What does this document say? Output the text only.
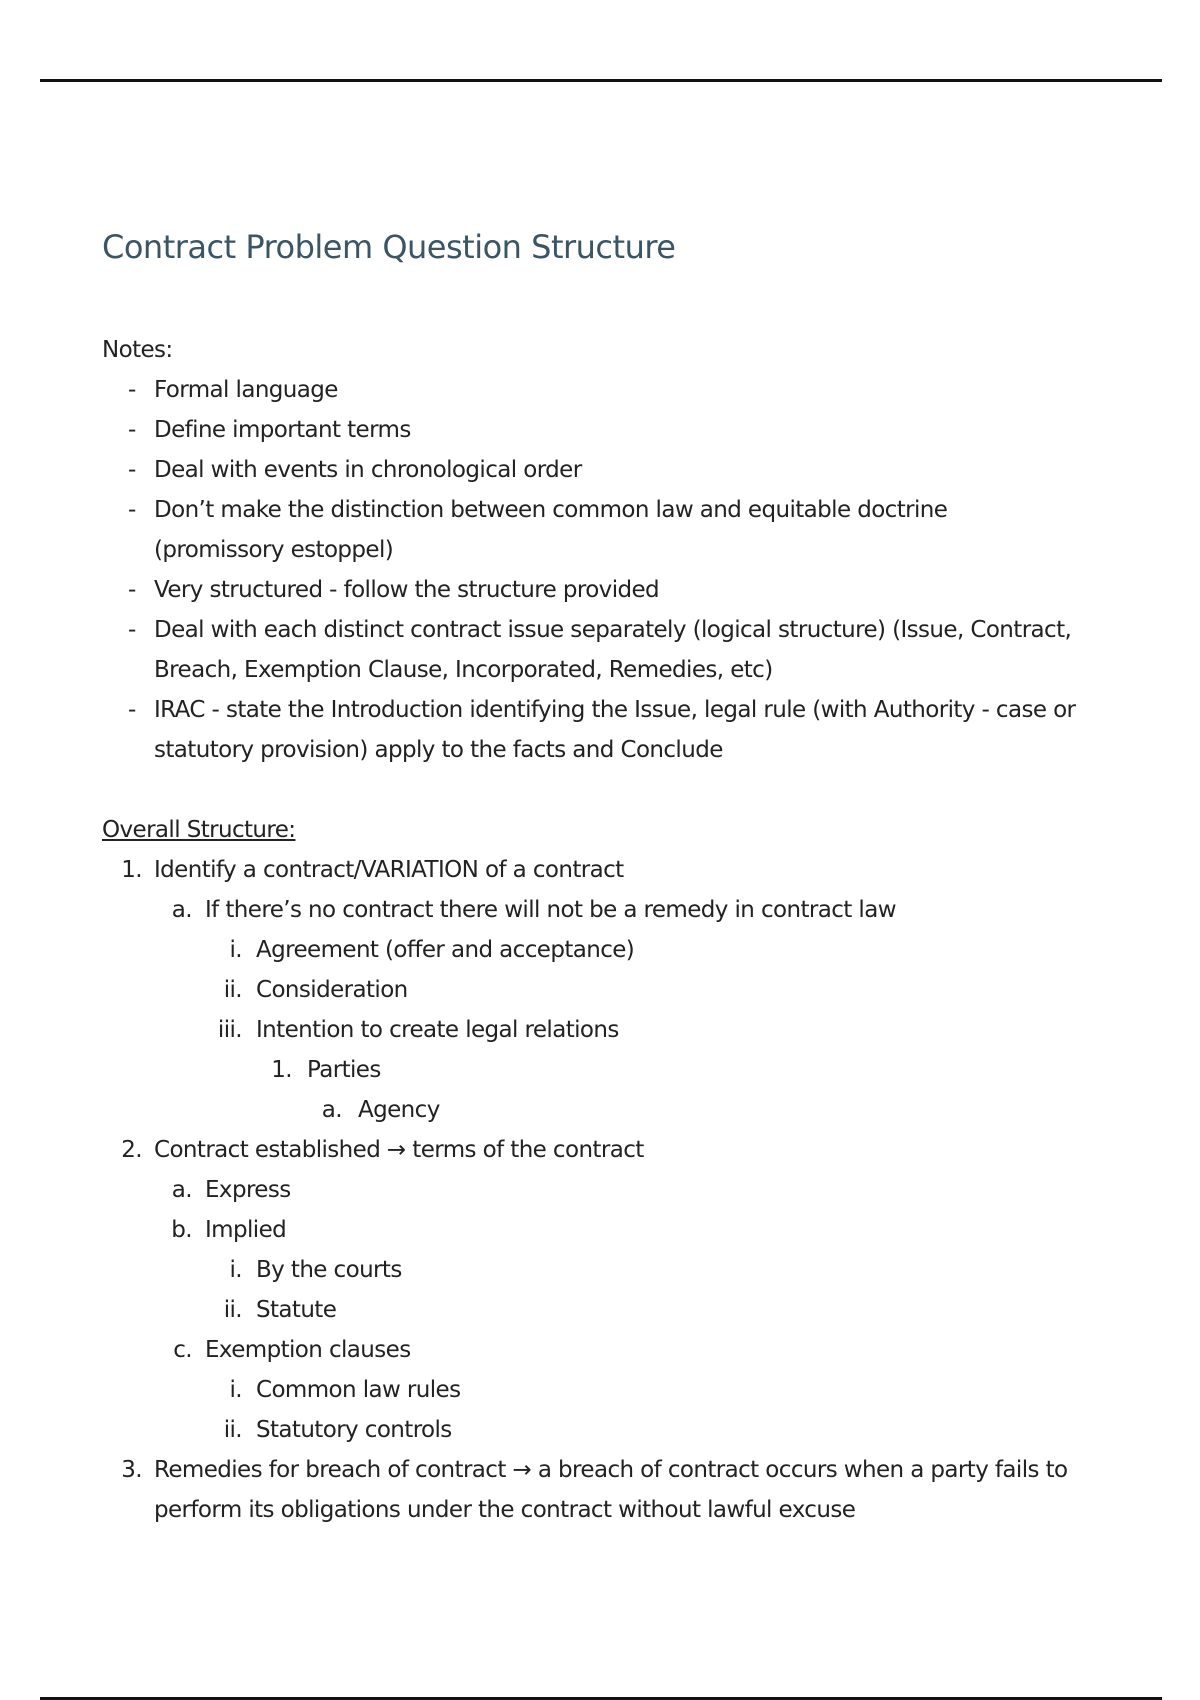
Contract Problem Question Structure
Notes:
- Formal language
- Define important terms
- Deal with events in chronological order
- Don’t make the distinction between common law and equitable doctrine (promissory estoppel)
- Very structured - follow the structure provided
- Deal with each distinct contract issue separately (logical structure) (Issue, Contract, Breach, Exemption Clause, Incorporated, Remedies, etc)
- IRAC - state the Introduction identifying the Issue, legal rule (with Authority - case or statutory provision) apply to the facts and Conclude
Overall Structure:
1. Identify a contract/VARIATION of a contract
a. If there’s no contract there will not be a remedy in contract law
i. Agreement (offer and acceptance)
ii. Consideration
iii. Intention to create legal relations
1. Parties
a. Agency
2. Contract established → terms of the contract
a. Express
b. Implied
i. By the courts
ii. Statute
c. Exemption clauses
i. Common law rules
ii. Statutory controls
3. Remedies for breach of contract → a breach of contract occurs when a party fails to perform its obligations under the contract without lawful excuse
